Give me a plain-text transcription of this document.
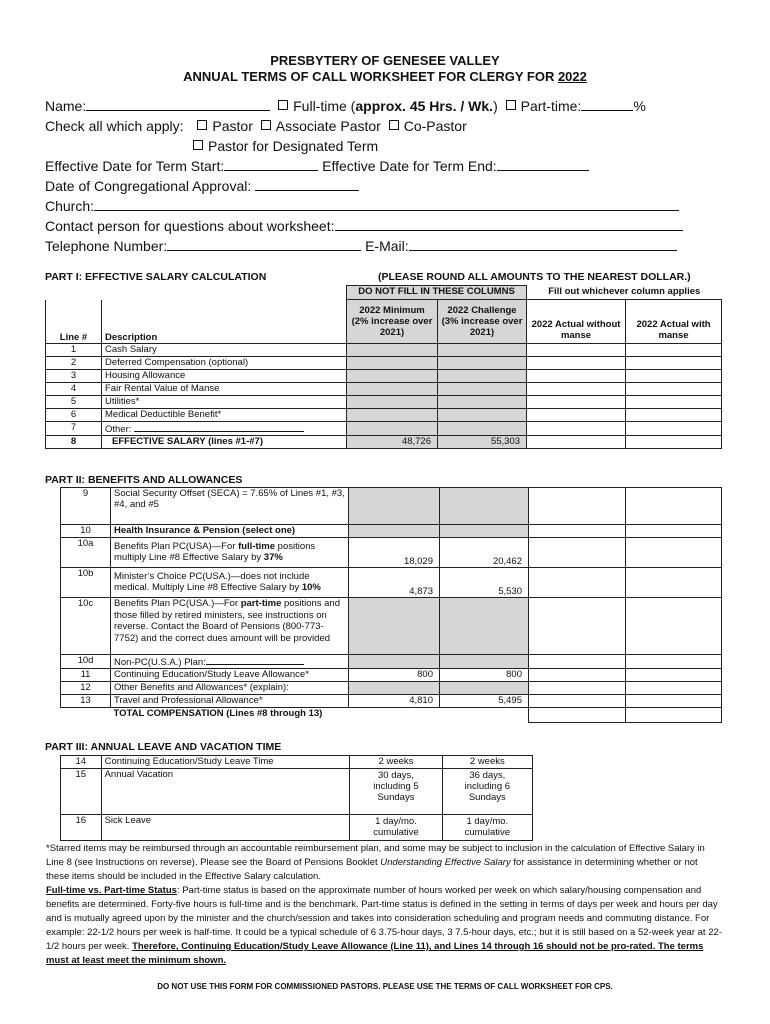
PRESBYTERY OF GENESEE VALLEY
ANNUAL TERMS OF CALL WORKSHEET FOR CLERGY FOR 2022
Name:	Full-time (approx. 45 Hrs. / Wk.) Part-time:	%
Check all which apply: Pastor Associate Pastor Co-Pastor
Pastor for Designated Term
Effective Date for Term Start:	Effective Date for Term End:
Date of Congregational Approval:
Church:
Contact person for questions about worksheet:
Telephone Number:	E-Mail:
PART I: EFFECTIVE SALARY CALCULATION	(PLEASE ROUND ALL AMOUNTS TO THE NEAREST DOLLAR.)
		DO NOT FILL IN THESE COLUMNS		Fill out whichever column applies	
Line #	Description	2022 Minimum (2% increase over 2021)	2022 Challenge (3% increase over 2021)	2022 Actual without manse	2022 Actual with manse
1	Cash Salary				
2	Deferred Compensation (optional)				
3	Housing Allowance				
4	Fair Rental Value of Manse				
5	Utilities*				
6	Medical Deductible Benefit*				
7	Other:				
8	EFFECTIVE SALARY (lines #1-#7)	48,726	55,303		
PART II: BENEFITS AND ALLOWANCES
9	Social Security Offset (SECA) = 7.65% of Lines #1, #3, #4, and #5				
10	Health Insurance & Pension (select one)				
10a	Benefits Plan PC(USA)—For full-time positions multiply Line #8 Effective Salary by 37%	18,029	20,462		
10b	Minister’s Choice PC(USA.)—does not include medical. Multiply Line #8 Effective Salary by 10%	4,873	5,530		
10c	Benefits Plan PC(USA.)—For part-time positions and those filled by retired ministers, see instructions on reverse. Contact the Board of Pensions (800-773-7752) and the correct dues amount will be provided				
10d	Non-PC(U.S.A.) Plan:				
11	Continuing Education/Study Leave Allowance*	800	800		
12	Other Benefits and Allowances* (explain):				
13	Travel and Professional Allowance*	4,810	5,495		
	TOTAL COMPENSATION (Lines #8 through 13)				
PART III: ANNUAL LEAVE AND VACATION TIME
14	Continuing Education/Study Leave Time	2 weeks	2 weeks
15	Annual Vacation	30 days, including 5 Sundays	36 days, including 6 Sundays
16	Sick Leave	1 day/mo. cumulative	1 day/mo. cumulative
*Starred items may be reimbursed through an accountable reimbursement plan, and some may be subject to inclusion in the calculation of Effective Salary in Line 8 (see Instructions on reverse). Please see the Board of Pensions Booklet Understanding Effective Salary for assistance in determining whether or not these items should be included in the Effective Salary calculation.
Full-time vs. Part-time Status: Part-time status is based on the approximate number of hours worked per week on which salary/housing compensation and benefits are determined. Forty-five hours is full-time and is the benchmark. Part-time status is defined in the setting in terms of days per week and hours per day and is mutually agreed upon by the minister and the church/session and takes into consideration scheduling and program needs and commuting distance. For example: 22-1/2 hours per week is half-time. It could be a typical schedule of 6 3.75-hour days, 3 7.5-hour days, etc.; but it is still based on a 52-week year at 22-1/2 hours per week. Therefore, Continuing Education/Study Leave Allowance (Line 11), and Lines 14 through 16 should not be pro-rated. The terms must at least meet the minimum shown.
DO NOT USE THIS FORM FOR COMMISSIONED PASTORS. PLEASE USE THE TERMS OF CALL WORKSHEET FOR CPS.
